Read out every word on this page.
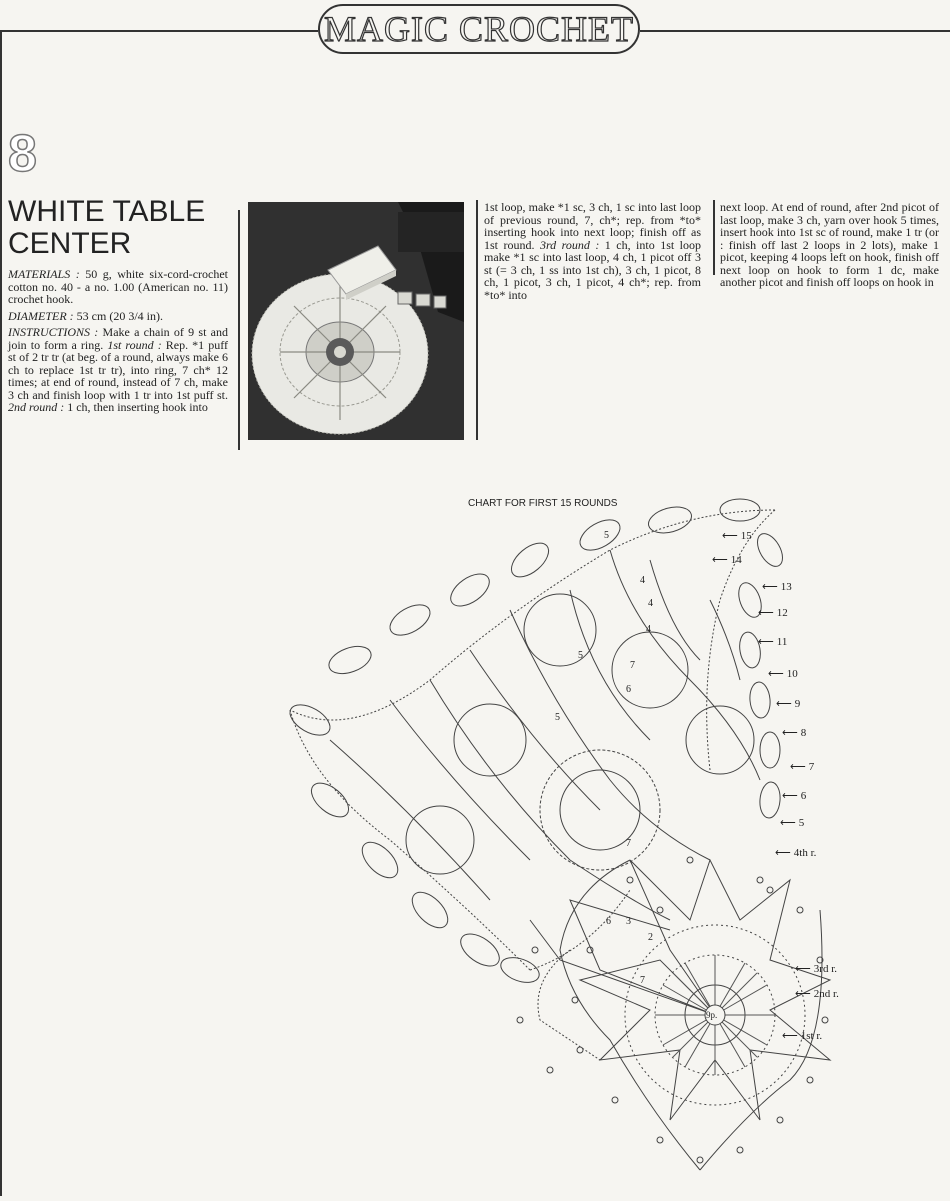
MAGIC CROCHET
8
WHITE TABLE
CENTER

MATERIALS : 50 g, white six-cord-crochet cotton no. 40 - a no. 1.00 (American no. 11) crochet hook.

DIAMETER : 53 cm (20 3/4 in).

INSTRUCTIONS : Make a chain of 9 st and join to form a ring. 1st round : Rep. *1 puff st of 2 tr tr (at beg. of a round, always make 6 ch to replace 1st tr tr), into ring, 7 ch* 12 times; at end of round, instead of 7 ch, make 3 ch and finish loop with 1 tr into 1st puff st. 2nd round : 1 ch, then inserting hook into

1st loop, make *1 sc, 3 ch, 1 sc into last loop of previous round, 7, ch*; rep. from *to* inserting hook into next loop; finish off as 1st round. 3rd round : 1 ch, into 1st loop make *1 sc into last loop, 4 ch, 1 picot off 3 st (= 3 ch, 1 ss into 1st ch), 3 ch, 1 picot, 8 ch, 1 picot, 3 ch, 1 picot, 4 ch*; rep. from *to* into

next loop. At end of round, after 2nd picot of last loop, make 3 ch, yarn over hook 5 times, insert hook into 1st sc of round, make 1 tr (or : finish off last 2 loops in 2 lots), make 1 picot, keeping 4 loops left on hook, finish off next loop on hook to form 1 dc, make another picot and finish off loops on hook in

CHART FOR FIRST 15 ROUNDS
⟵ 15
⟵ 14
⟵ 13
⟵ 12
⟵ 11
⟵ 10
⟵ 9
⟵ 8
⟵ 7
⟵ 6
⟵ 5
⟵ 4th r.
⟵ 3rd r.
⟵ 2nd r.
⟵ 1st r.
9p.
5
4
4
4
5
6
5
7
7
3
2
7
6
